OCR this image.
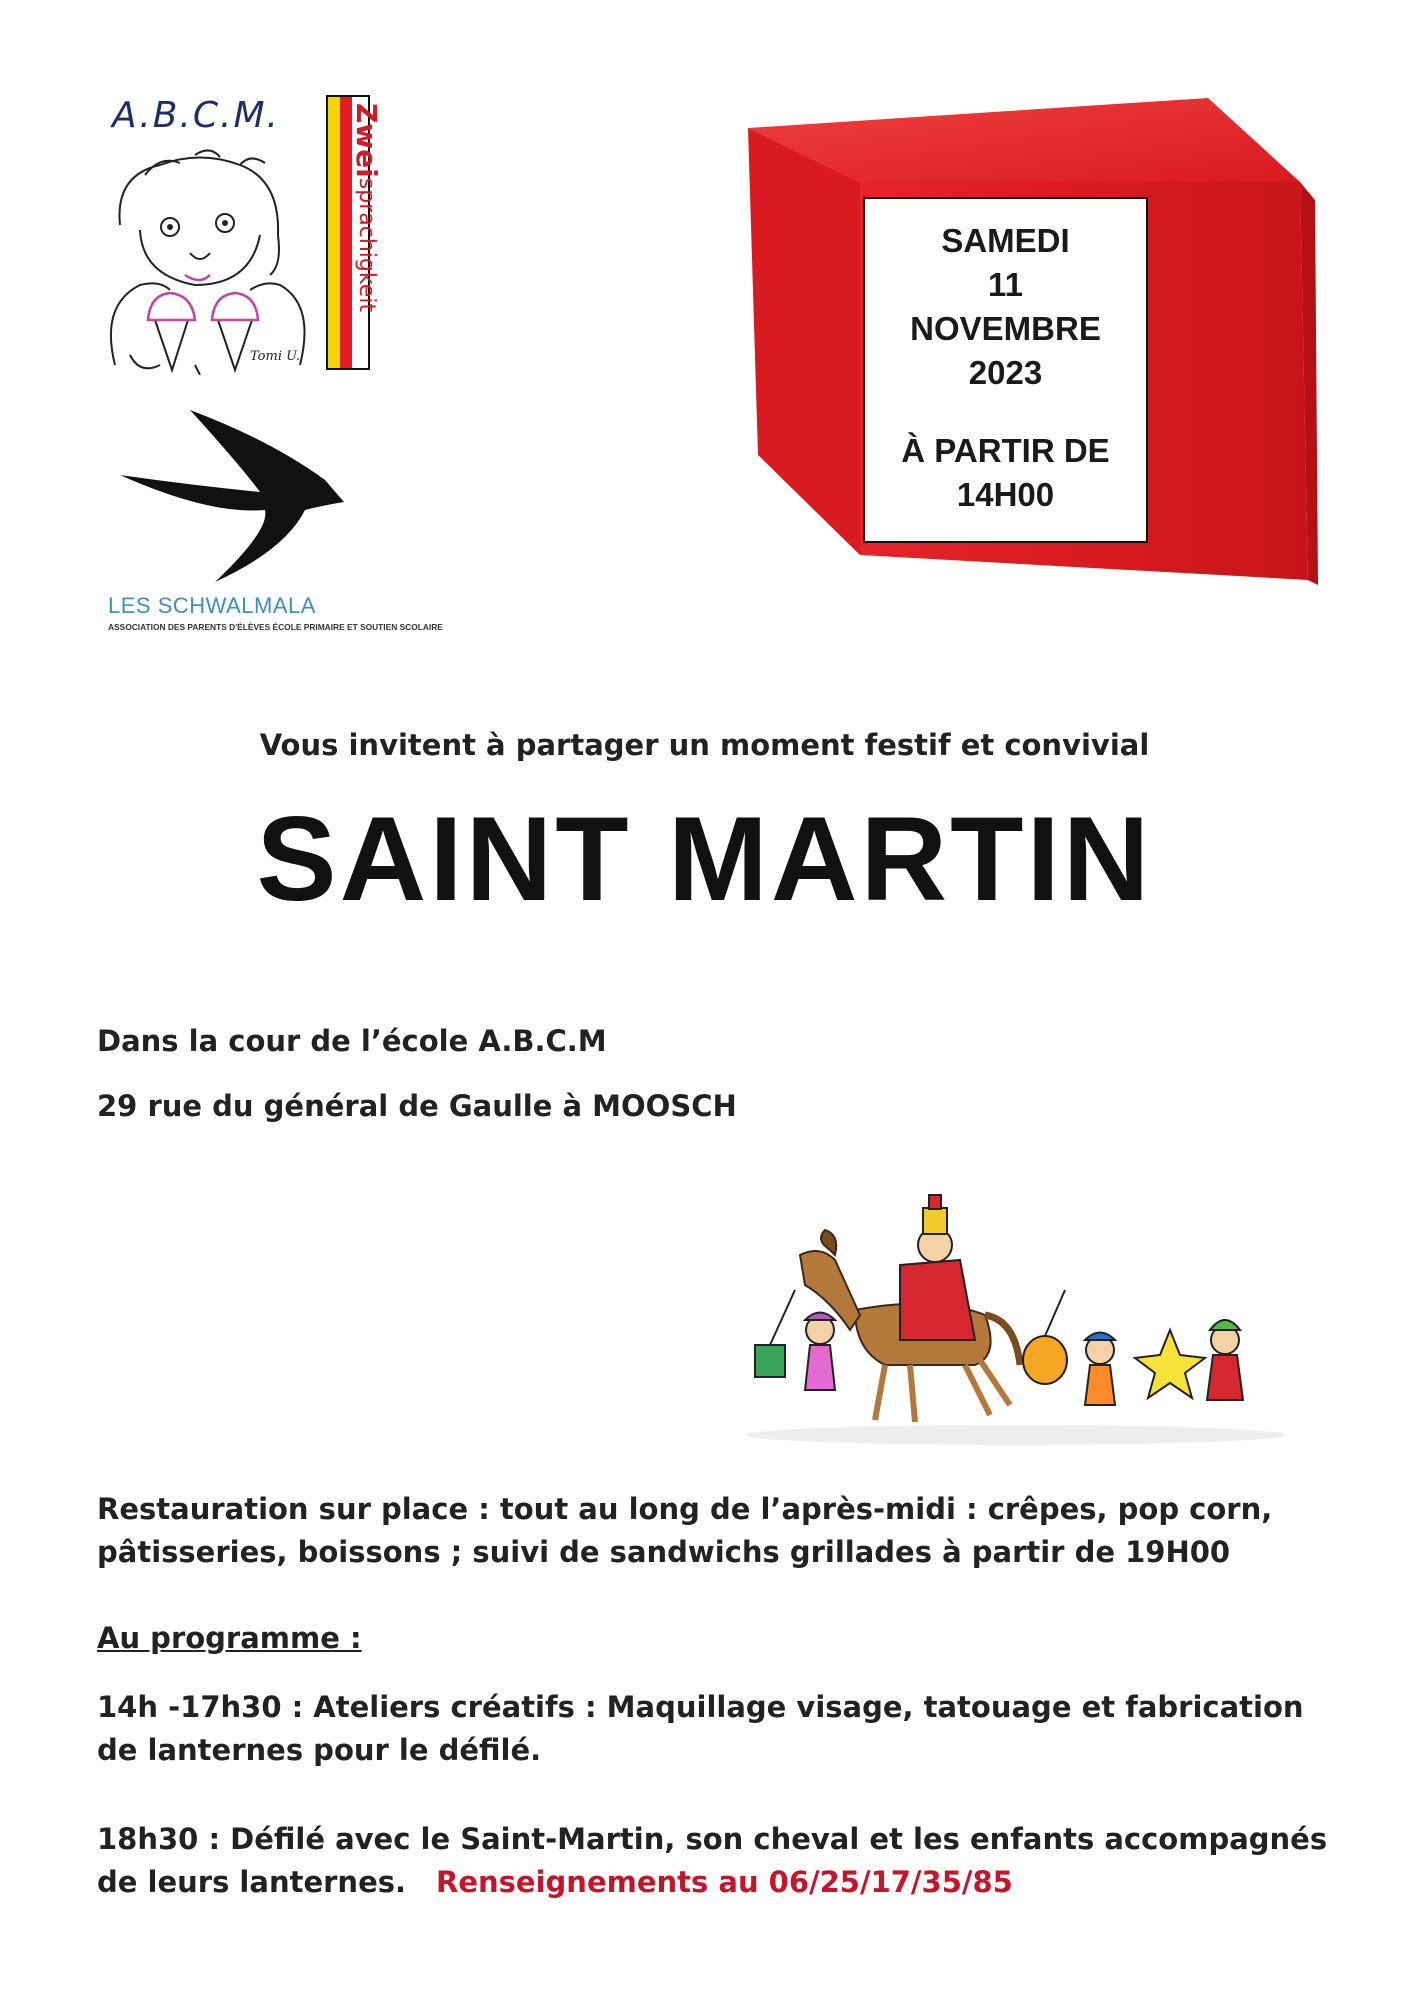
A.B.C.M.
Tomi U.
Zweisprachigkeit
LES SCHWALMALA
ASSOCIATION DES PARENTS D'ÉLÈVES ÉCOLE PRIMAIRE ET SOUTIEN SCOLAIRE
SAMEDI
11
NOVEMBRE
2023
À PARTIR DE
14H00
Vous invitent à partager un moment festif et convivial
SAINT MARTIN
Dans la cour de l’école A.B.C.M
29 rue du général de Gaulle à MOOSCH
Restauration sur place : tout au long de l’après-midi : crêpes, pop corn,
pâtisseries, boissons ; suivi de sandwichs grillades à partir de 19H00
Au programme :
14h -17h30 : Ateliers créatifs : Maquillage visage, tatouage et fabrication
de lanternes pour le défilé.
18h30 : Défilé avec le Saint-Martin, son cheval et les enfants accompagnés
de leurs lanternes. Renseignements au 06/25/17/35/85
